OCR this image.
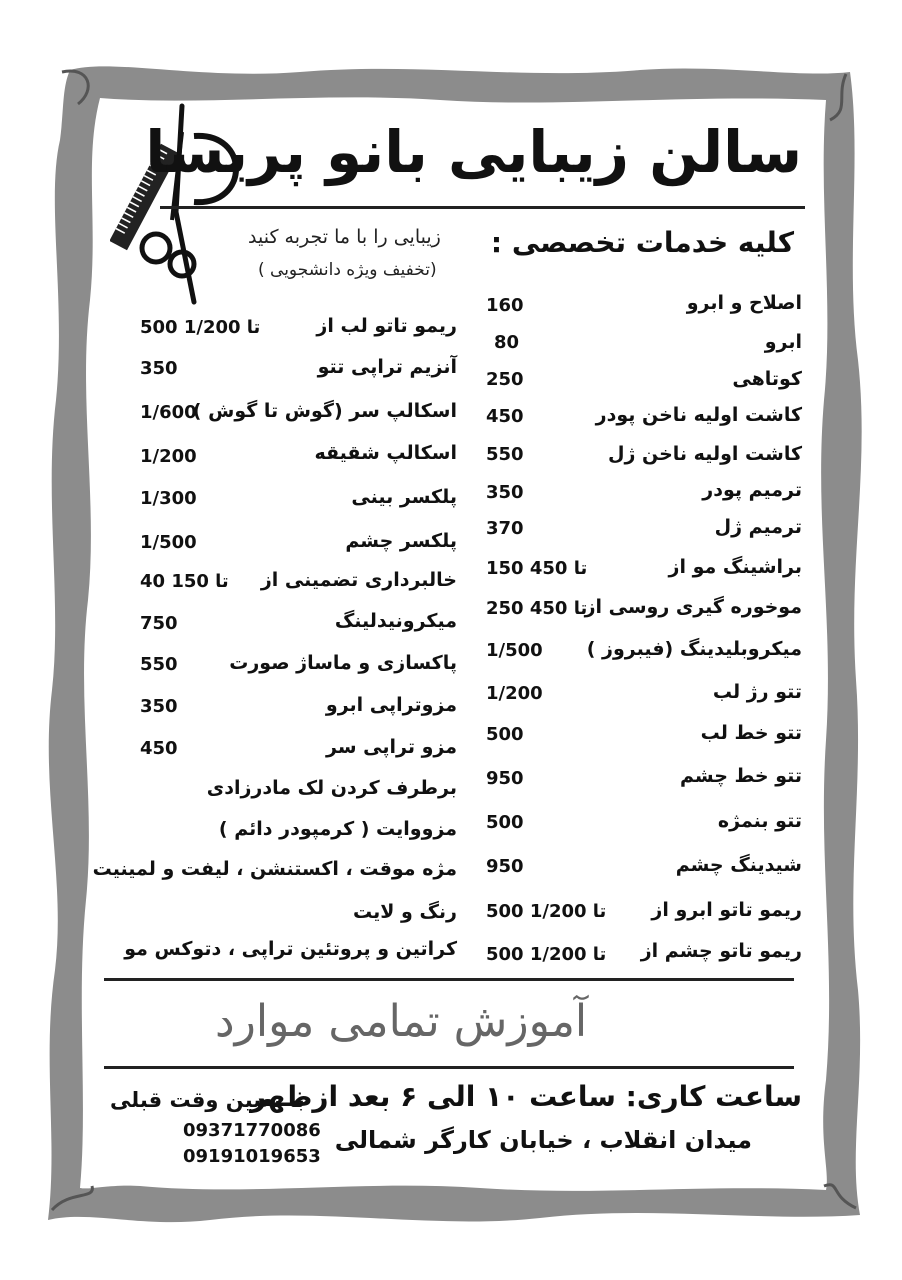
سالن زیبایی بانو پریسا
کلیه خدمات تخصصی :
زیبایی را با ما تجربه کنید
(تخفیف ویژه دانشجویی )
اصلاح و ابرو
160
ابرو
80
کوتاهی
250
کاشت اولیه ناخن پودر
450
کاشت اولیه ناخن ژل
550
ترمیم پودر
350
ترمیم ژل
370
براشینگ مو از
150 تا 450
موخوره گیری روسی از
250 تا 450
میکروبلیدینگ (فیبروز )
1/500
تتو رژ لب
1/200
تتو خط لب
500
تتو خط چشم
950
تتو بنمژه
500
شیدینگ چشم
950
ریمو تاتو ابرو از
500 تا 1/200
ریمو تاتو چشم از
500 تا 1/200
ریمو تاتو لب از
500 تا 1/200
آنزیم تراپی تتو
350
اسکالپ سر (گوش تا گوش )
1/600
اسکالپ شقیقه
1/200
پلکسر بینی
1/300
پلکسر چشم
1/500
خالبرداری تضمینی از
40 تا 150
میکرونیدلینگ
750
پاکسازی و ماساژ صورت
550
مزوتراپی ابرو
350
مزو تراپی سر
450
برطرف کردن لک مادرزادی
مزووایت ( کرمپودر دائم )
مژه موقت ، اکستنشن ، لیفت و لمینیت
رنگ و لایت
کراتین و پروتئین تراپی ، دتوکس مو
آموزش تمامی موارد
ساعت کاری: ساعت ۱۰ الی ۶ بعد ازظهر
میدان انقلاب ، خیابان کارگر شمالی
با تعیین وقت قبلی
09371770086
09191019653
